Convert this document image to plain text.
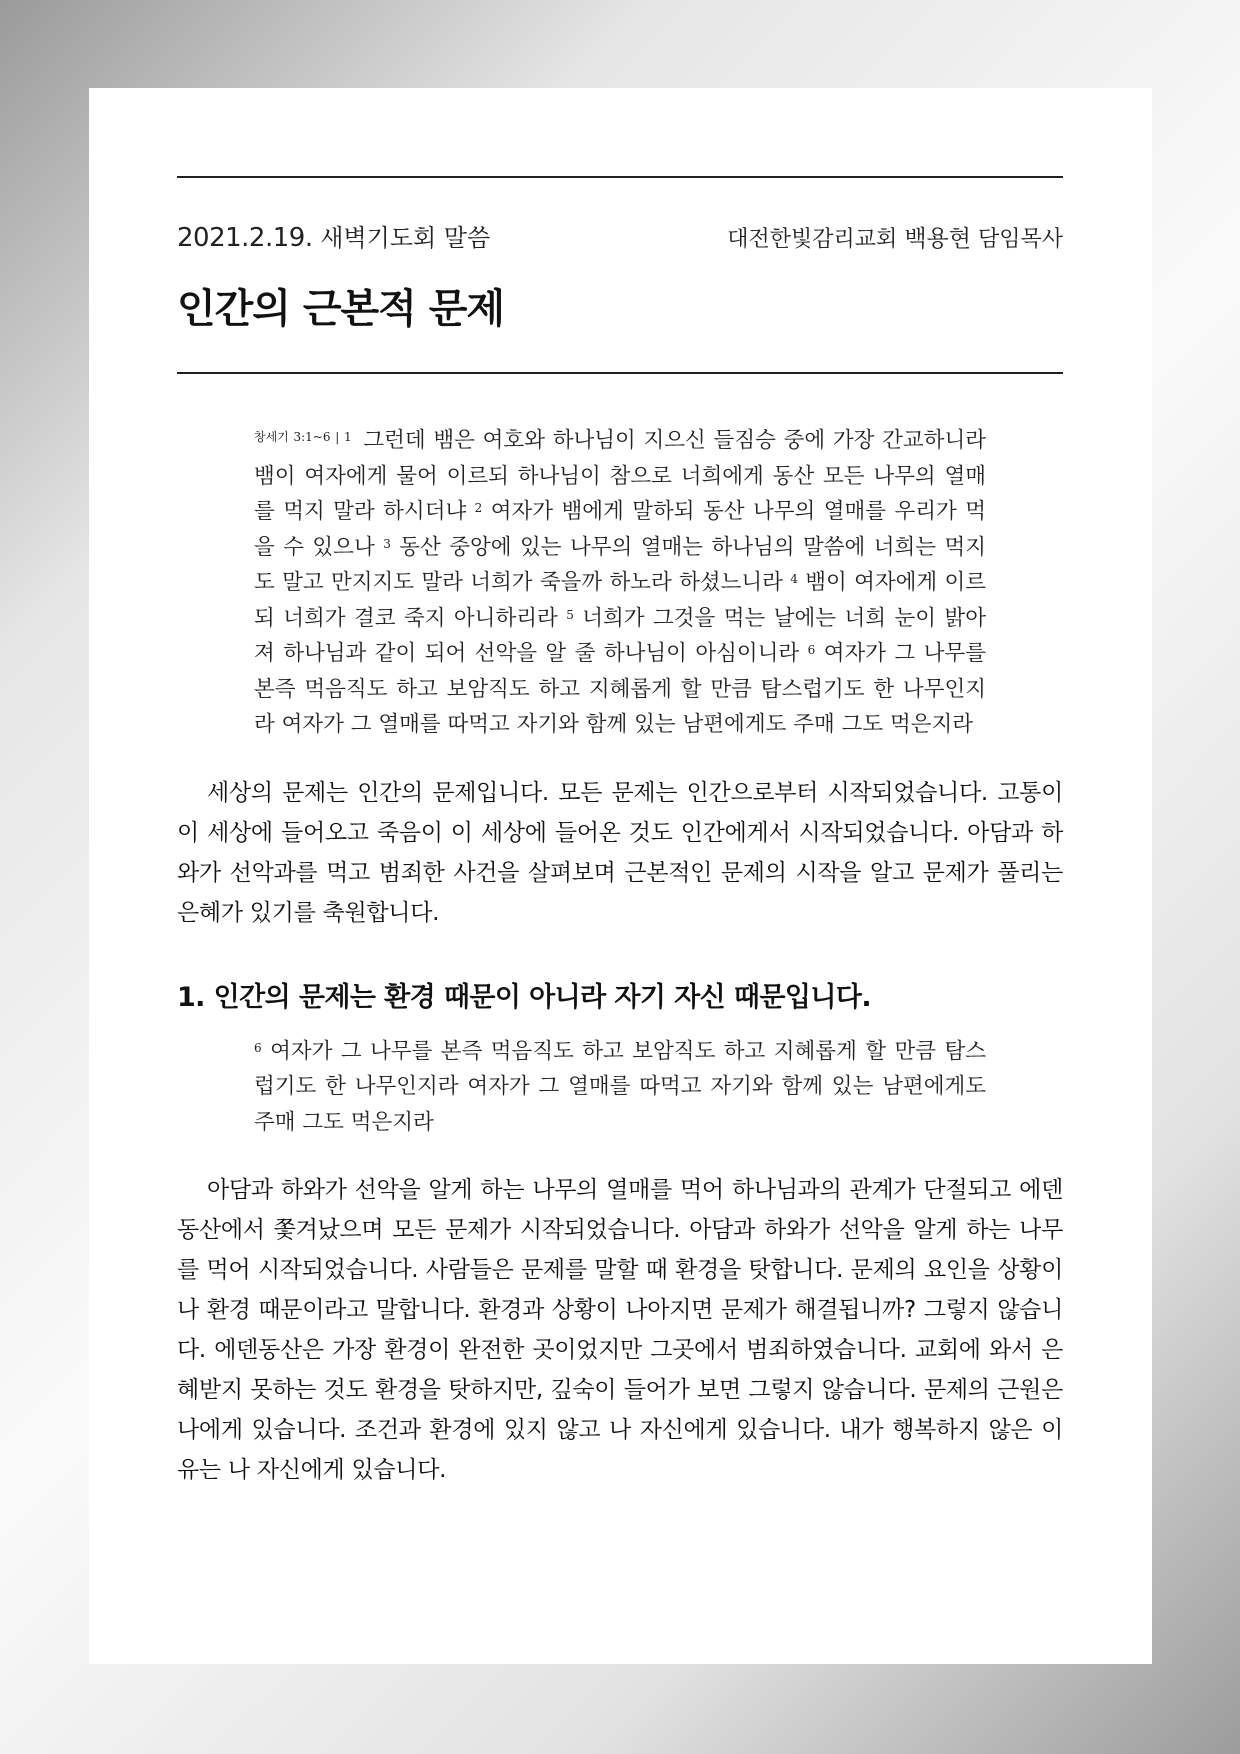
2021.2.19. 새벽기도회 말씀	대전한빛감리교회 백용현 담임목사
인간의 근본적 문제
$^{창세기 3:1\sim 6 | 1}$ 그런데 뱀은 여호와 하나님이 지으신 들짐승 중에 가장 간교하니라 뱀이 여자에게 물어 이르되 하나님이 참으로 너희에게 동산 모든 나무의 열매를 먹지 말라 하시더냐 $^2$ 여자가 뱀에게 말하되 동산 나무의 열매를 우리가 먹을 수 있으나 $^3$ 동산 중앙에 있는 나무의 열매는 하나님의 말씀에 너희는 먹지도 말고 만지지도 말라 너희가 죽을까 하노라 하셨느니라 $^4$ 뱀이 여자에게 이르되 너희가 결코 죽지 아니하리라 $^5$ 너희가 그것을 먹는 날에는 너희 눈이 밝아져 하나님과 같이 되어 선악을 알 줄 하나님이 아심이니라 $^6$ 여자가 그 나무를 본즉 먹음직도 하고 보암직도 하고 지혜롭게 할 만큼 탐스럽기도 한 나무인지라 여자가 그 열매를 따먹고 자기와 함께 있는 남편에게도 주매 그도 먹은지라

세상의 문제는 인간의 문제입니다. 모든 문제는 인간으로부터 시작되었습니다. 고통이 이 세상에 들어오고 죽음이 이 세상에 들어온 것도 인간에게서 시작되었습니다. 아담과 하와가 선악과를 먹고 범죄한 사건을 살펴보며 근본적인 문제의 시작을 알고 문제가 풀리는 은혜가 있기를 축원합니다.

1. 인간의 문제는 환경 때문이 아니라 자기 자신 때문입니다.
$^6$ 여자가 그 나무를 본즉 먹음직도 하고 보암직도 하고 지혜롭게 할 만큼 탐스럽기도 한 나무인지라 여자가 그 열매를 따먹고 자기와 함께 있는 남편에게도 주매 그도 먹은지라

아담과 하와가 선악을 알게 하는 나무의 열매를 먹어 하나님과의 관계가 단절되고 에덴동산에서 쫓겨났으며 모든 문제가 시작되었습니다. 아담과 하와가 선악을 알게 하는 나무를 먹어 시작되었습니다. 사람들은 문제를 말할 때 환경을 탓합니다. 문제의 요인을 상황이나 환경 때문이라고 말합니다. 환경과 상황이 나아지면 문제가 해결됩니까? 그렇지 않습니다. 에덴동산은 가장 환경이 완전한 곳이었지만 그곳에서 범죄하였습니다. 교회에 와서 은혜받지 못하는 것도 환경을 탓하지만, 깊숙이 들어가 보면 그렇지 않습니다. 문제의 근원은 나에게 있습니다. 조건과 환경에 있지 않고 나 자신에게 있습니다. 내가 행복하지 않은 이유는 나 자신에게 있습니다.
